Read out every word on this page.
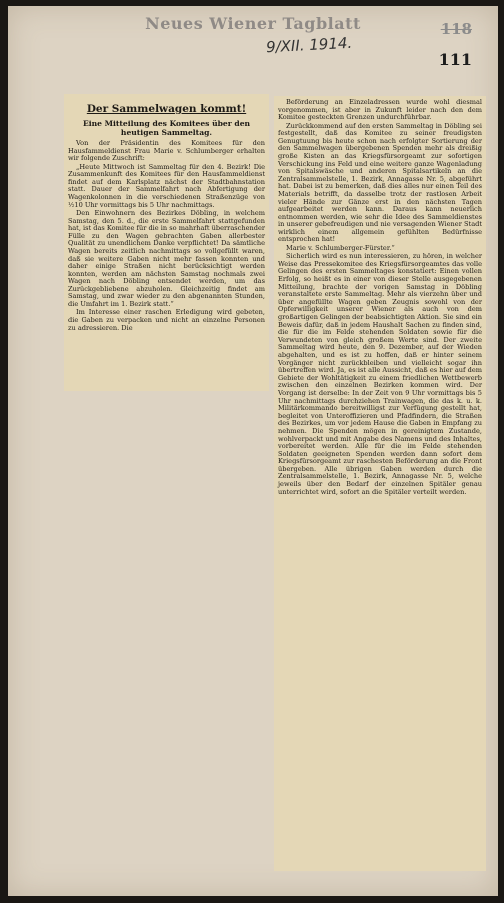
Neues Wiener Tagblatt
9/XII. 1914.
118
111
Der Sammelwagen kommt!
Eine Mitteilung des Komitees über den heutigen Sammeltag.

Von der Präsidentin des Komitees für den Hausfammeldienst Frau Marie v. Schlumberger erhalten wir folgende Zuschrift:

„Heute Mittwoch ist Sammeltag für den 4. Bezirk! Die Zusammenkunft des Komitees für den Hausfammeldienst findet auf dem Karlsplatz nächst der Stadtbahnstation statt. Dauer der Sammelfahrt nach Abfertigung der Wagenkolonnen in die verschiedenen Straßenzüge von ½10 Uhr vormittags bis 5 Uhr nachmittags.

Den Einwohnern des Bezirkes Döbling, in welchem Samstag, den 5. d., die erste Sammelfahrt stattgefunden hat, ist das Komitee für die in so mahrhaft überraschender Fülle zu den Wagen gebrachten Gaben allerbester Qualität zu unendlichem Danke verpflichtet! Da sämtliche Wagen bereits zeitlich nachmittags so vollgefüllt waren, daß sie weitere Gaben nicht mehr fassen konnten und daher einige Straßen nicht berücksichtigt werden konnten, werden am nächsten Samstag nochmals zwei Wagen nach Döbling entsendet werden, um das Zurückgebliebene abzuholen. Gleichzeitig findet am Samstag, und zwar wieder zu den abgenannten Stunden, die Umfahrt im 1. Bezirk statt.“

Im Interesse einer raschen Erledigung wird gebeten, die Gaben zu verpacken und nicht an einzelne Personen zu adressieren. Die

Beförderung an Einzeladressen wurde wohl diesmal vorgenommen, ist aber in Zukunft leider nach den dem Komitee gesteckten Grenzen undurchführbar.

Zurückkommend auf den ersten Sammeltag in Döbling sei festgestellt, daß das Komitee zu seiner freudigsten Genugtuung bis heute schon nach erfolgter Sortierung der den Sammelwagen übergebenen Spenden mehr als dreißig große Kisten an das Kriegsfürsorgeamt zur sofortigen Verschickung ins Feld und eine weitere ganze Wagenladung von Spitalswäsche und anderen Spitalsartikeln an die Zentralsammelstelle, 1. Bezirk, Annagasse Nr. 5, abgeführt hat. Dabei ist zu bemerken, daß dies alles nur einen Teil des Materials betrifft, da dasselbe trotz der rastlosen Arbeit vieler Hände zur Gänze erst in den nächsten Tagen aufgearbeitet werden kann. Daraus kann neuerlich entnommen werden, wie sehr die Idee des Sammeldienstes in unserer gebefreudigen und nie versagenden Wiener Stadt wirklich einem allgemein gefühlten Bedürfnisse entsprochen hat!

Marie v. Schlumberger-Fürster.“

Sicherlich wird es nun interessieren, zu hören, in welcher Weise das Pressekomitee des Kriegsfürsorgeamtes das volle Gelingen des ersten Sammeltages konstatiert: Einen vollen Erfolg, so heißt es in einer von dieser Stelle ausgegebenen Mitteilung, brachte der vorigen Samstag in Döbling veranstaltete erste Sammeltag. Mehr als vierzehn über und über angefüllte Wagen geben Zeugnis sowohl von der Opferwilligkeit unserer Wiener als auch von dem großartigen Gelingen der beabsichtigten Aktion. Sie sind ein Beweis dafür, daß in jedem Haushalt Sachen zu finden sind, die für die im Felde stehenden Soldaten sowie für die Verwundeten von gleich großem Werte sind. Der zweite Sammeltag wird heute, den 9. Dezember, auf der Wieden abgehalten, und es ist zu hoffen, daß er hinter seinem Vorgänger nicht zurückbleiben und vielleicht sogar ihn übertreffen wird. Ja, es ist alle Aussicht, daß es hier auf dem Gebiete der Wohltätigkeit zu einem friedlichen Wettbewerb zwischen den einzelnen Bezirken kommen wird. Der Vorgang ist derselbe: In der Zeit von 9 Uhr vormittags bis 5 Uhr nachmittags durchziehen Trainwagen, die das k. u. k. Militärkommando bereitwilligst zur Verfügung gestellt hat, begleitet von Unteroffizieren und Pfadfindern, die Straßen des Bezirkes, um vor jedem Hause die Gaben in Empfang zu nehmen. Die Spenden mögen in gereinigtem Zustande, wohlverpackt und mit Angabe des Namens und des Inhaltes, vorbereitet werden. Alle für die im Felde stehenden Soldaten geeigneten Spenden werden dann sofort dem Kriegsfürsorgeamt zur raschesten Beförderung an die Front übergeben. Alle übrigen Gaben werden durch die Zentralsammelstelle, 1. Bezirk, Annagasse Nr. 5, welche jeweils über den Bedarf der einzelnen Spitäler genau unterrichtet wird, sofort an die Spitäler verteilt werden.
